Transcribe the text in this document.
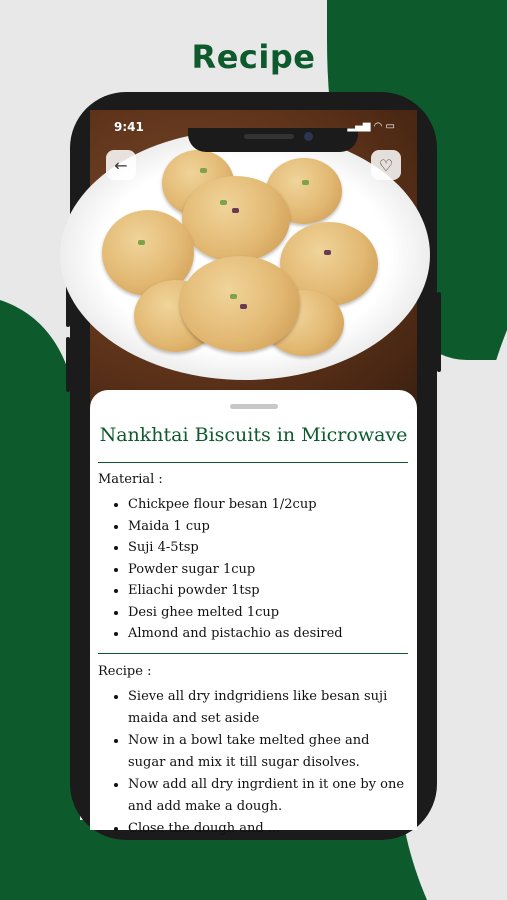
Recipe
9:41	▂▄▆ ◠ ▭
←	♡
Nankhtai Biscuits in Microwave
Material :
• Chickpee flour besan 1/2cup
• Maida 1 cup
• Suji 4-5tsp
• Powder sugar 1cup
• Eliachi powder 1tsp
• Desi ghee melted 1cup
• Almond and pistachio as desired
Recipe :
• Sieve all dry indgridiens like besan suji maida and set aside
• Now in a bowl take melted ghee and sugar and mix it till sugar disolves.
• Now add all dry ingrdient in it one by one and add make a dough.
• Close the dough and ...
